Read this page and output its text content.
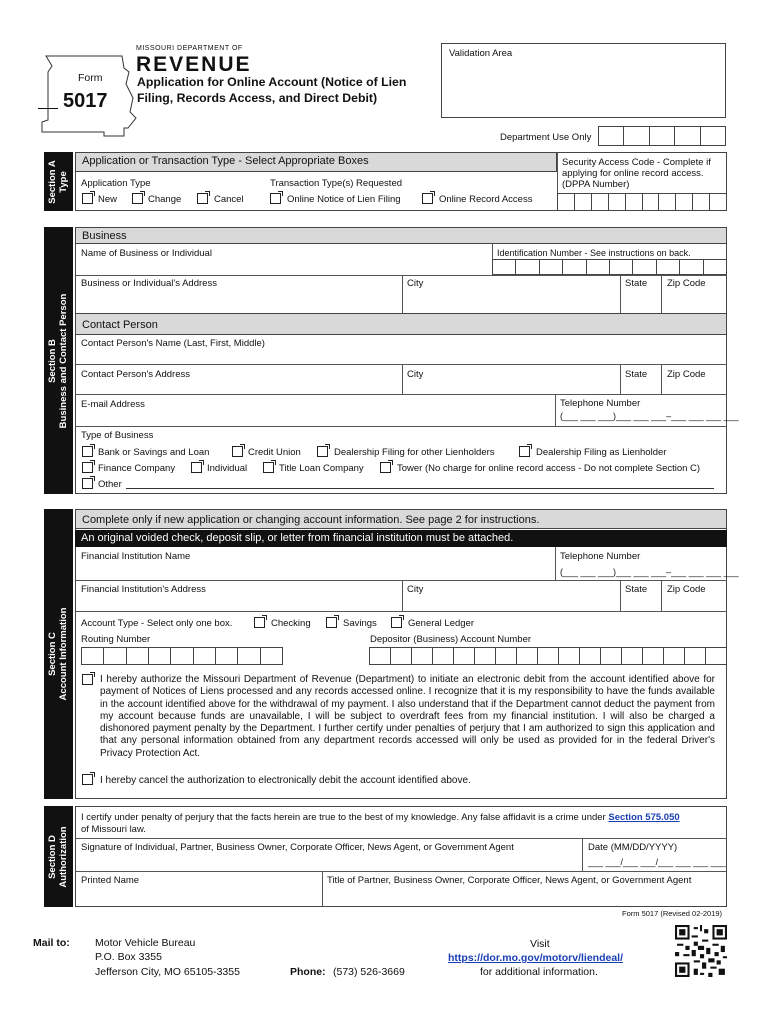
MISSOURI DEPARTMENT OF
REVENUE
Form
5017
Application for Online Account (Notice of Lien
Filing, Records Access, and Direct Debit)
Validation Area
Department Use Only
Section A Type
Application or Transaction Type - Select Appropriate Boxes	Security Access Code - Complete if applying for online record access. (DPPA Number)
Application Type
New	Change	Cancel
Transaction Type(s) Requested
Online Notice of Lien Filing	Online Record Access
Section B Business and Contact Person
Business
Name of Business or Individual	Identification Number - See instructions on back.
Business or Individual's Address	City	State Zip Code
Contact Person
Contact Person's Name (Last, First, Middle)
Contact Person's Address	City	State Zip Code
E-mail Address	Telephone Number
(___ ___ ___)___ ___ ___–___ ___ ___ ___
Type of Business
Bank or Savings and Loan	Credit Union	Dealership Filing for other Lienholders	Dealership Filing as Lienholder
Finance Company	Individual	Title Loan Company	Tower (No charge for online record access - Do not complete Section C)
Other
Section C Account Information
Complete only if new application or changing account information. See page 2 for instructions.
An original voided check, deposit slip, or letter from financial institution must be attached.
Financial Institution Name	Telephone Number
(___ ___ ___)___ ___ ___–___ ___ ___ ___
Financial Institution's Address	City	State Zip Code
Account Type - Select only one box.	Checking	Savings	General Ledger
Routing Number	Depositor (Business) Account Number
I hereby authorize the Missouri Department of Revenue (Department) to initiate an electronic debit from the account identified above for payment of Notices of Liens processed and any records accessed online. I recognize that it is my responsibility to have the funds available in the account identified above for the withdrawal of my payment. I also understand that if the Department cannot deduct the payment from my account because funds are unavailable, I will be subject to overdraft fees from my financial institution. I will also be charged a dishonored payment penalty by the Department. I further certify under penalties of perjury that I am authorized to sign this application and that any personal information obtained from any department records accessed will only be used as provided for in the federal Driver's Privacy Protection Act.
I hereby cancel the authorization to electronically debit the account identified above.
Section D Authorization
I certify under penalty of perjury that the facts herein are true to the best of my knowledge. Any false affidavit is a crime under Section 575.050
of Missouri law.
Signature of Individual, Partner, Business Owner, Corporate Officer, News Agent, or Government Agent	Date (MM/DD/YYYY)
___ ___/___ ___/___ ___ ___ ___
Printed Name	Title of Partner, Business Owner, Corporate Officer, News Agent, or Government Agent
Form 5017 (Revised 02-2019)
Mail to: Motor Vehicle Bureau
P.O. Box 3355
Jefferson City, MO 65105-3355	Phone: (573) 526-3669
Visit
https://dor.mo.gov/motorv/liendeal/
for additional information.
